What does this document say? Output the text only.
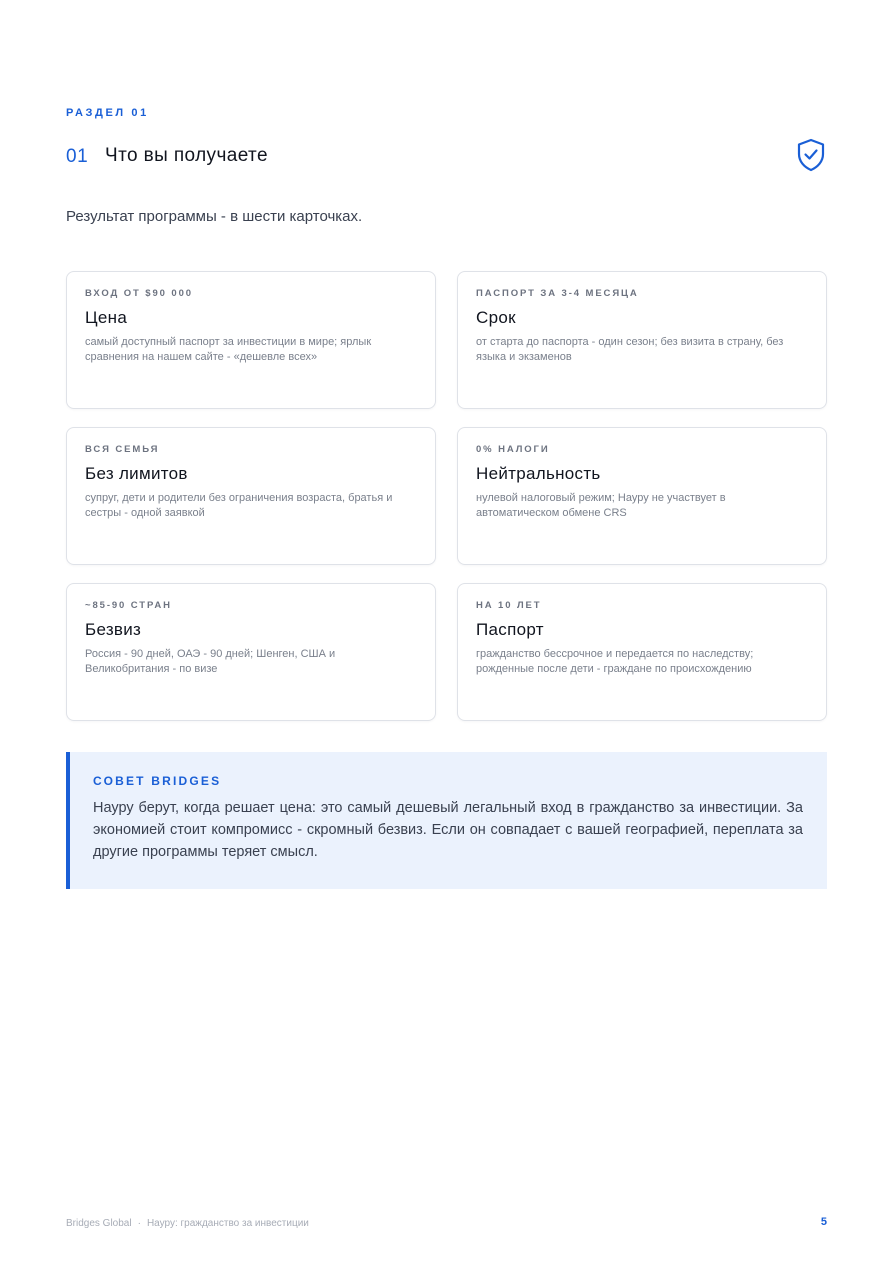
РАЗДЕЛ 01
01 Что вы получаете
Результат программы - в шести карточках.
ВХОД ОТ $90 000
Цена
самый доступный паспорт за инвестиции в мире; ярлык сравнения на нашем сайте - «дешевле всех»
ПАСПОРТ ЗА 3-4 МЕСЯЦА
Срок
от старта до паспорта - один сезон; без визита в страну, без языка и экзаменов
ВСЯ СЕМЬЯ
Без лимитов
супруг, дети и родители без ограничения возраста, братья и сестры - одной заявкой
0% НАЛОГИ
Нейтральность
нулевой налоговый режим; Науру не участвует в автоматическом обмене CRS
~85-90 СТРАН
Безвиз
Россия - 90 дней, ОАЭ - 90 дней; Шенген, США и Великобритания - по визе
НА 10 ЛЕТ
Паспорт
гражданство бессрочное и передается по наследству; рожденные после дети - граждане по происхождению
СОВЕТ BRIDGES
Науру берут, когда решает цена: это самый дешевый легальный вход в гражданство за инвестиции. За экономией стоит компромисс - скромный безвиз. Если он совпадает с вашей географией, переплата за другие программы теряет смысл.
Bridges Global · Науру: гражданство за инвестиции	5
